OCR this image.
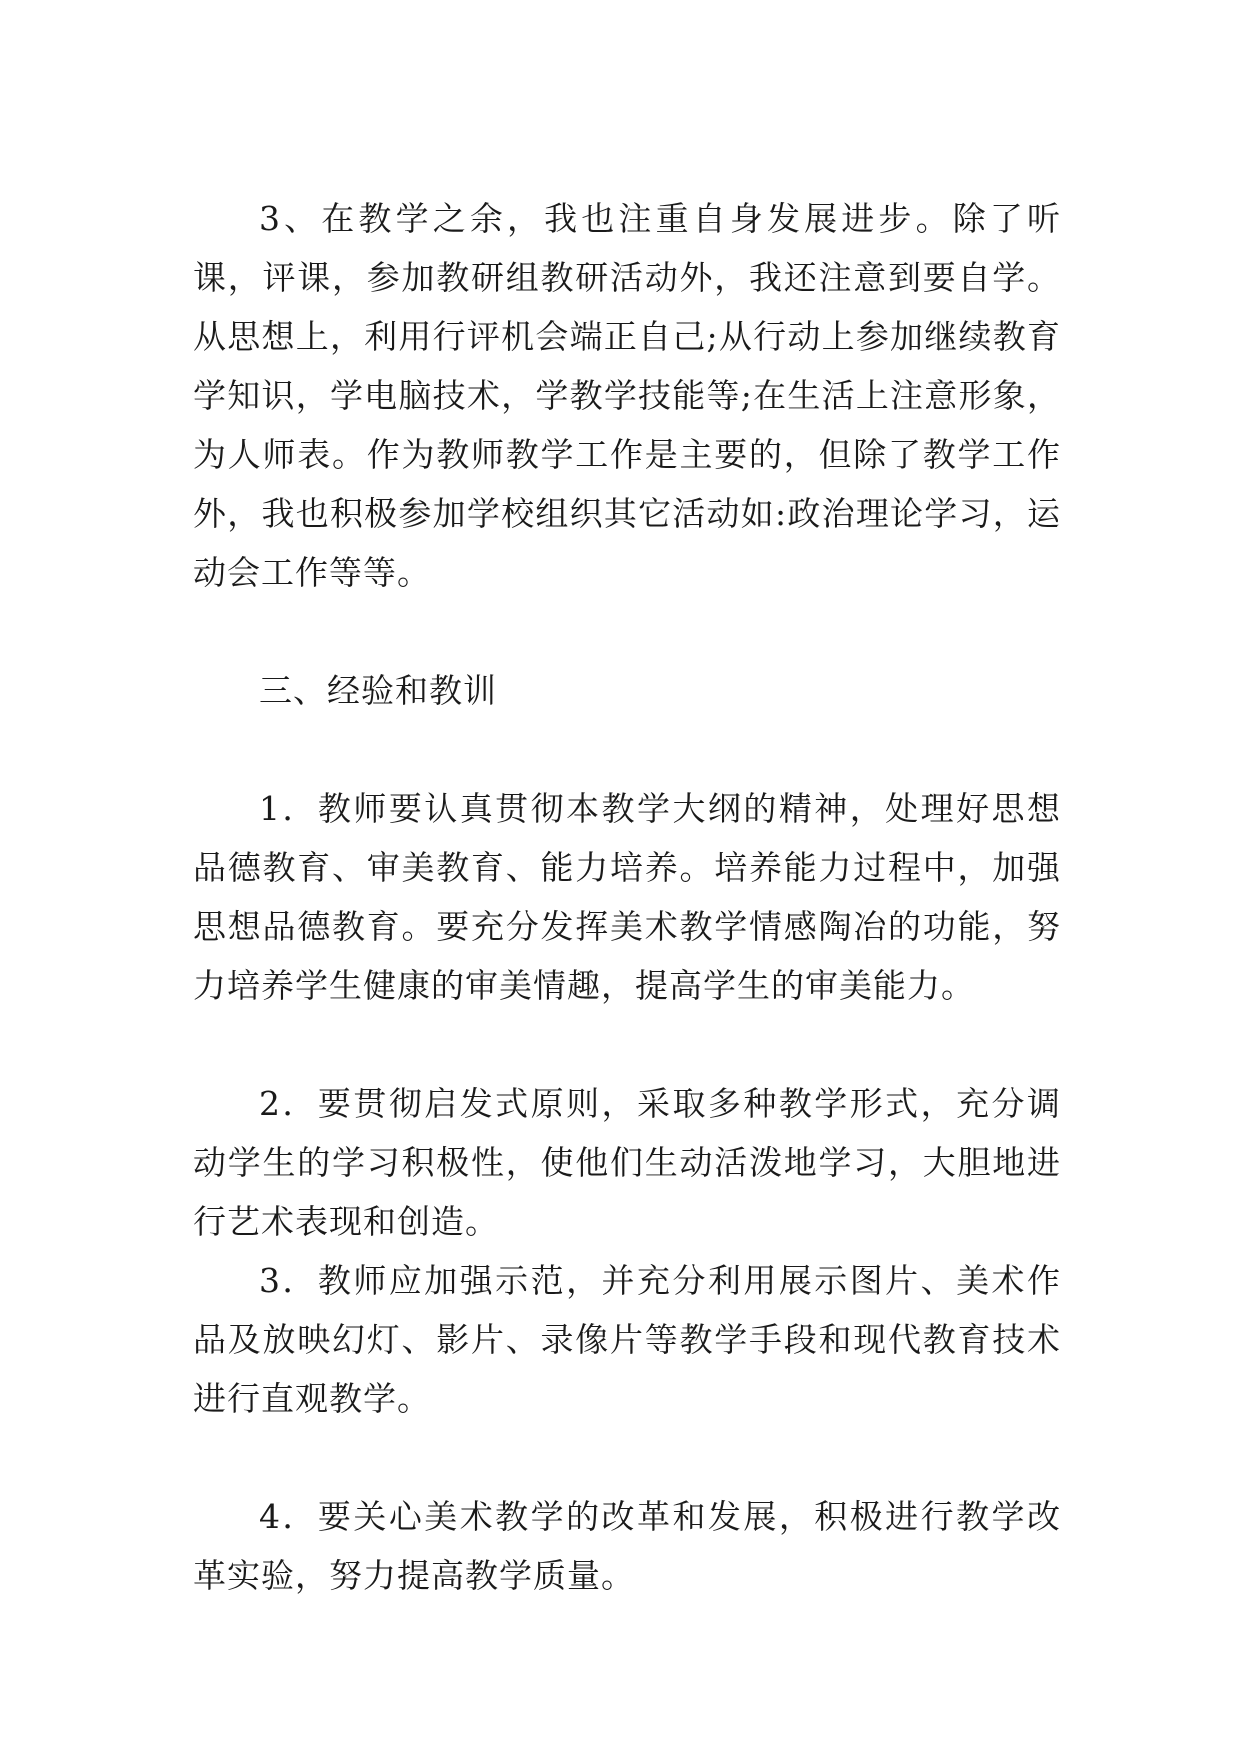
3、在教学之余，我也注重自身发展进步。除了听课，评课，参加教研组教研活动外，我还注意到要自学。从思想上，利用行评机会端正自己;从行动上参加继续教育学知识，学电脑技术，学教学技能等;在生活上注意形象，为人师表。作为教师教学工作是主要的，但除了教学工作外，我也积极参加学校组织其它活动如:政治理论学习，运动会工作等等。

三、经验和教训

1．教师要认真贯彻本教学大纲的精神，处理好思想品德教育、审美教育、能力培养。培养能力过程中，加强思想品德教育。要充分发挥美术教学情感陶冶的功能，努力培养学生健康的审美情趣，提高学生的审美能力。

2．要贯彻启发式原则，采取多种教学形式，充分调动学生的学习积极性，使他们生动活泼地学习，大胆地进行艺术表现和创造。

3．教师应加强示范，并充分利用展示图片、美术作品及放映幻灯、影片、录像片等教学手段和现代教育技术进行直观教学。

4．要关心美术教学的改革和发展，积极进行教学改革实验，努力提高教学质量。
